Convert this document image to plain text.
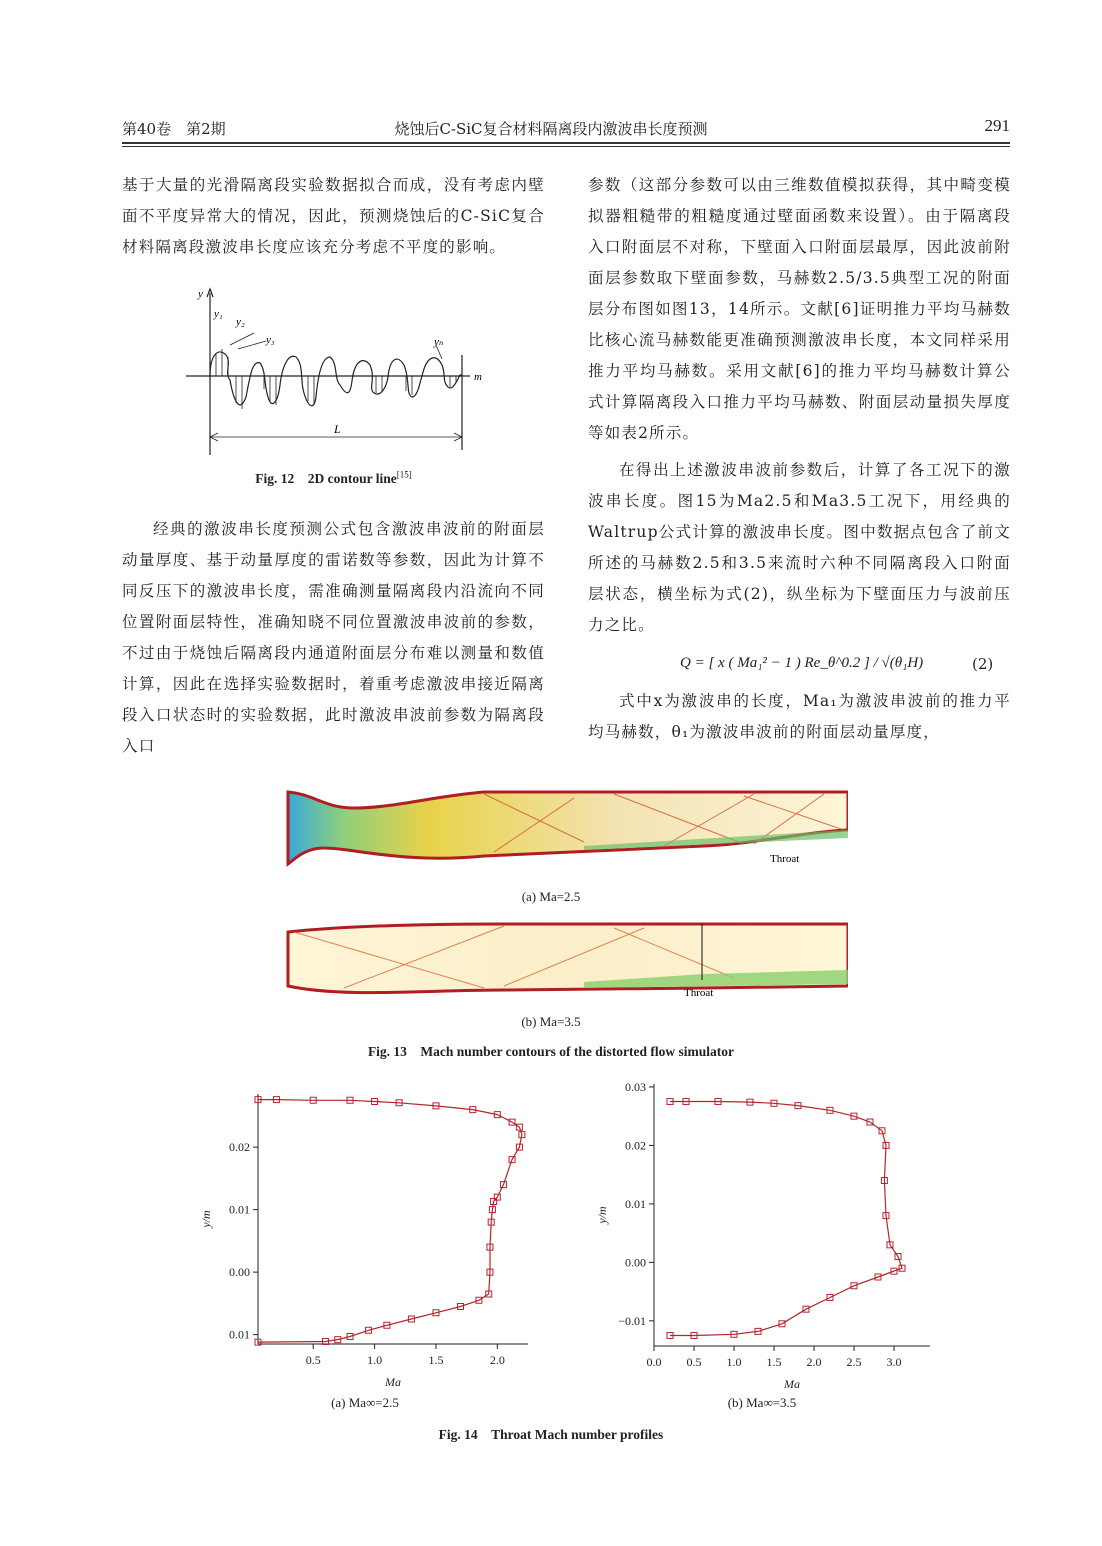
第40卷　第2期	烧蚀后C-SiC复合材料隔离段内激波串长度预测	291

基于大量的光滑隔离段实验数据拟合而成，没有考虑内壁面不平度异常大的情况，因此，预测烧蚀后的C-SiC复合材料隔离段激波串长度应该充分考虑不平度的影响。

y
y₁
y₂
y₃	yₙ
m
L
Fig. 12　2D contour line[15]

经典的激波串长度预测公式包含激波串波前的附面层动量厚度、基于动量厚度的雷诺数等参数，因此为计算不同反压下的激波串长度，需准确测量隔离段内沿流向不同位置附面层特性，准确知晓不同位置激波串波前的参数，不过由于烧蚀后隔离段内通道附面层分布难以测量和数值计算，因此在选择实验数据时，着重考虑激波串接近隔离段入口状态时的实验数据，此时激波串波前参数为隔离段入口

参数（这部分参数可以由三维数值模拟获得，其中畸变模拟器粗糙带的粗糙度通过壁面函数来设置）。由于隔离段入口附面层不对称，下壁面入口附面层最厚，因此波前附面层参数取下壁面参数，马赫数2.5/3.5典型工况的附面层分布图如图13，14所示。文献[6]证明推力平均马赫数比核心流马赫数能更准确预测激波串长度，本文同样采用推力平均马赫数。采用文献[6]的推力平均马赫数计算公式计算隔离段入口推力平均马赫数、附面层动量损失厚度等如表2所示。

在得出上述激波串波前参数后，计算了各工况下的激波串长度。图15为Ma2.5和Ma3.5工况下，用经典的Waltrup公式计算的激波串长度。图中数据点包含了前文所述的马赫数2.5和3.5来流时六种不同隔离段入口附面层状态，横坐标为式(2)，纵坐标为下壁面压力与波前压力之比。

Q = [ x ( Ma₁² − 1 ) Re_θ^0.2 ] / √(θ₁H)	(2)

式中x为激波串的长度，Ma₁为激波串波前的推力平均马赫数，θ₁为激波串波前的附面层动量厚度，

Throat
(a) Ma=2.5
Throat
(b) Ma=3.5
Fig. 13　Mach number contours of the distorted flow simulator
0.5	1.0	1.5	2.0
0.01
0.00
0.01
0.02
Ma
y/m
0.0 0.5 1.0 1.5 2.0 2.5 3.0
0.03
0.02
0.01
0.00
−0.01
Ma
y/m
(a) Ma∞=2.5	(b) Ma∞=3.5
Fig. 14　Throat Mach number profiles
